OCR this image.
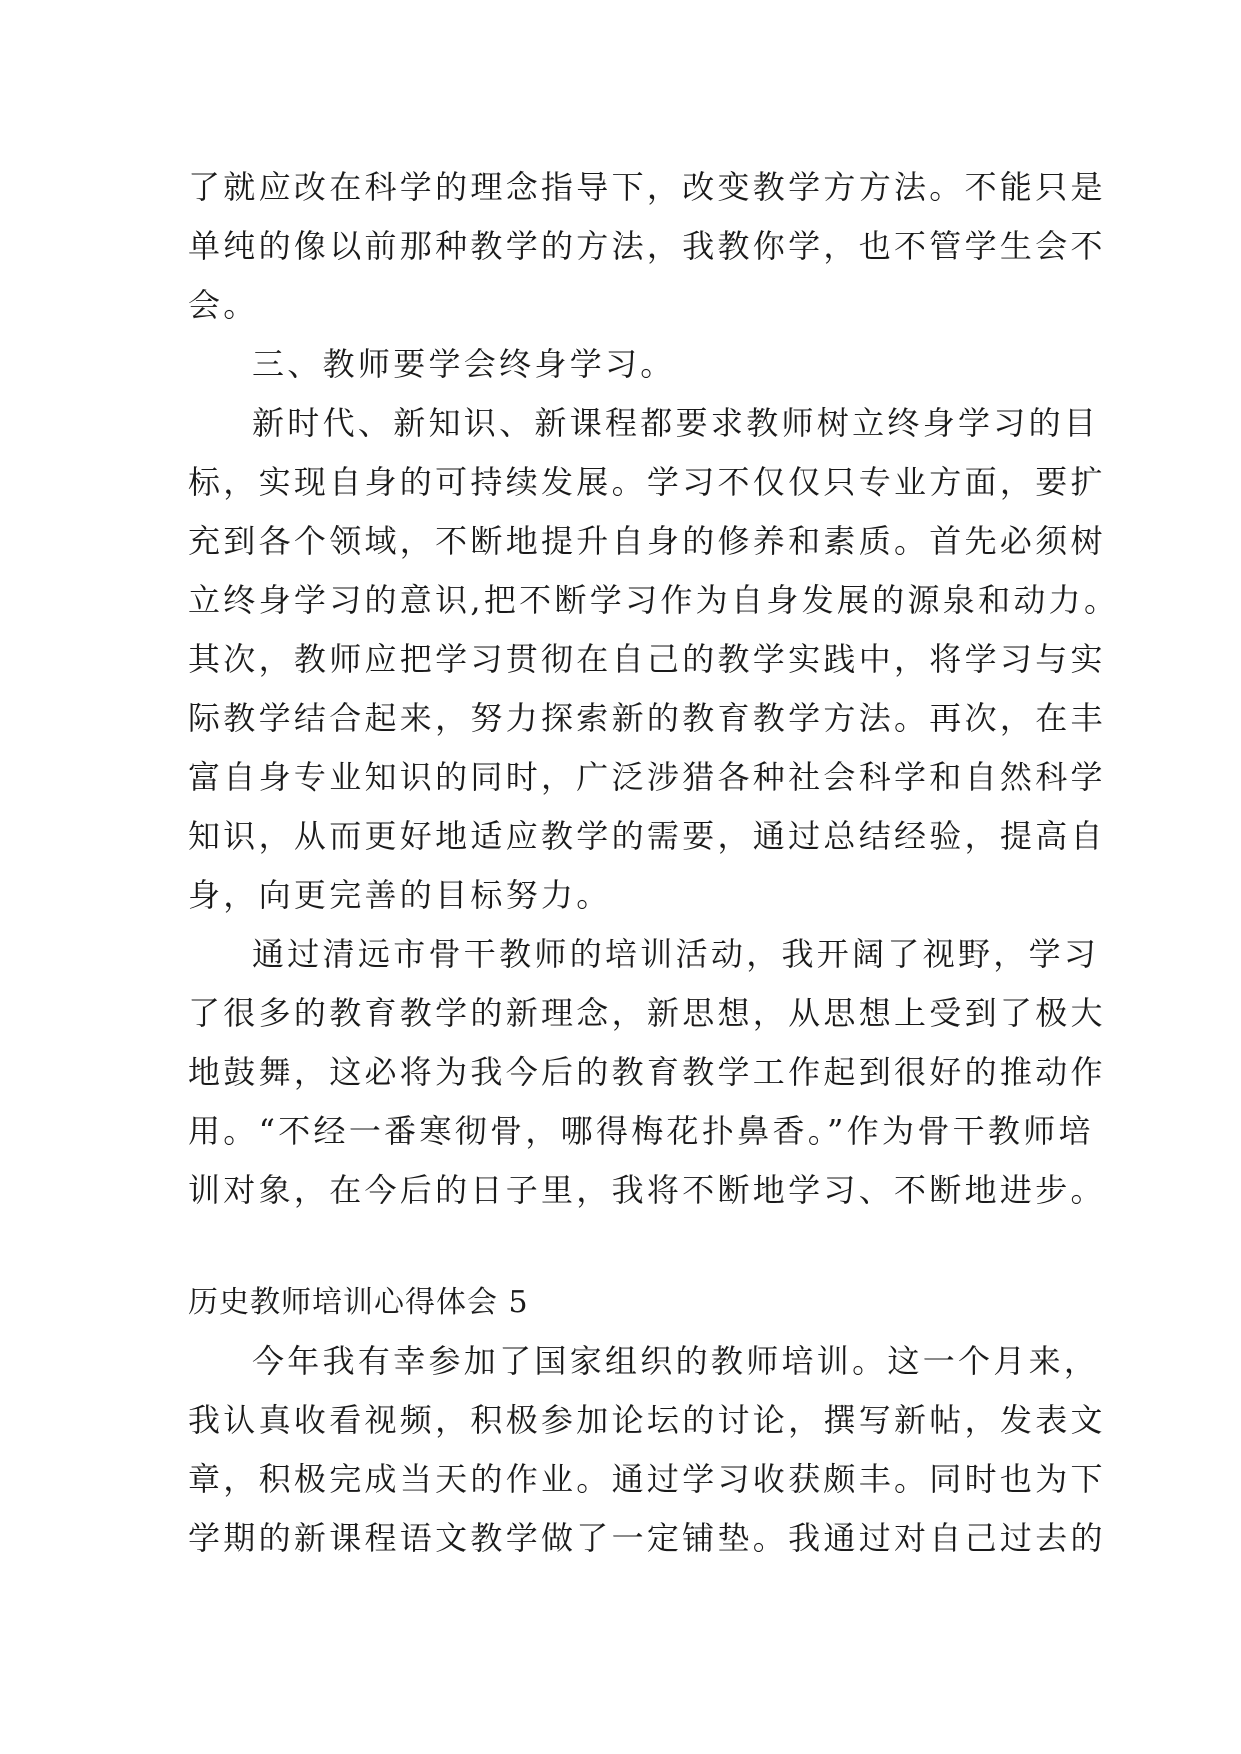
了就应改在科学的理念指导下，改变教学方方法。不能只是
单纯的像以前那种教学的方法，我教你学，也不管学生会不
会。
三、教师要学会终身学习。
新时代、新知识、新课程都要求教师树立终身学习的目
标，实现自身的可持续发展。学习不仅仅只专业方面，要扩
充到各个领域，不断地提升自身的修养和素质。首先必须树
立终身学习的意识,把不断学习作为自身发展的源泉和动力。
其次，教师应把学习贯彻在自己的教学实践中，将学习与实
际教学结合起来，努力探索新的教育教学方法。再次，在丰
富自身专业知识的同时，广泛涉猎各种社会科学和自然科学
知识，从而更好地适应教学的需要，通过总结经验，提高自
身，向更完善的目标努力。
通过清远市骨干教师的培训活动，我开阔了视野，学习
了很多的教育教学的新理念，新思想，从思想上受到了极大
地鼓舞，这必将为我今后的教育教学工作起到很好的推动作
用。“不经一番寒彻骨，哪得梅花扑鼻香。”作为骨干教师培
训对象，在今后的日子里，我将不断地学习、不断地进步。
历史教师培训心得体会 5
今年我有幸参加了国家组织的教师培训。这一个月来，
我认真收看视频，积极参加论坛的讨论，撰写新帖，发表文
章，积极完成当天的作业。通过学习收获颇丰。同时也为下
学期的新课程语文教学做了一定铺垫。我通过对自己过去的
